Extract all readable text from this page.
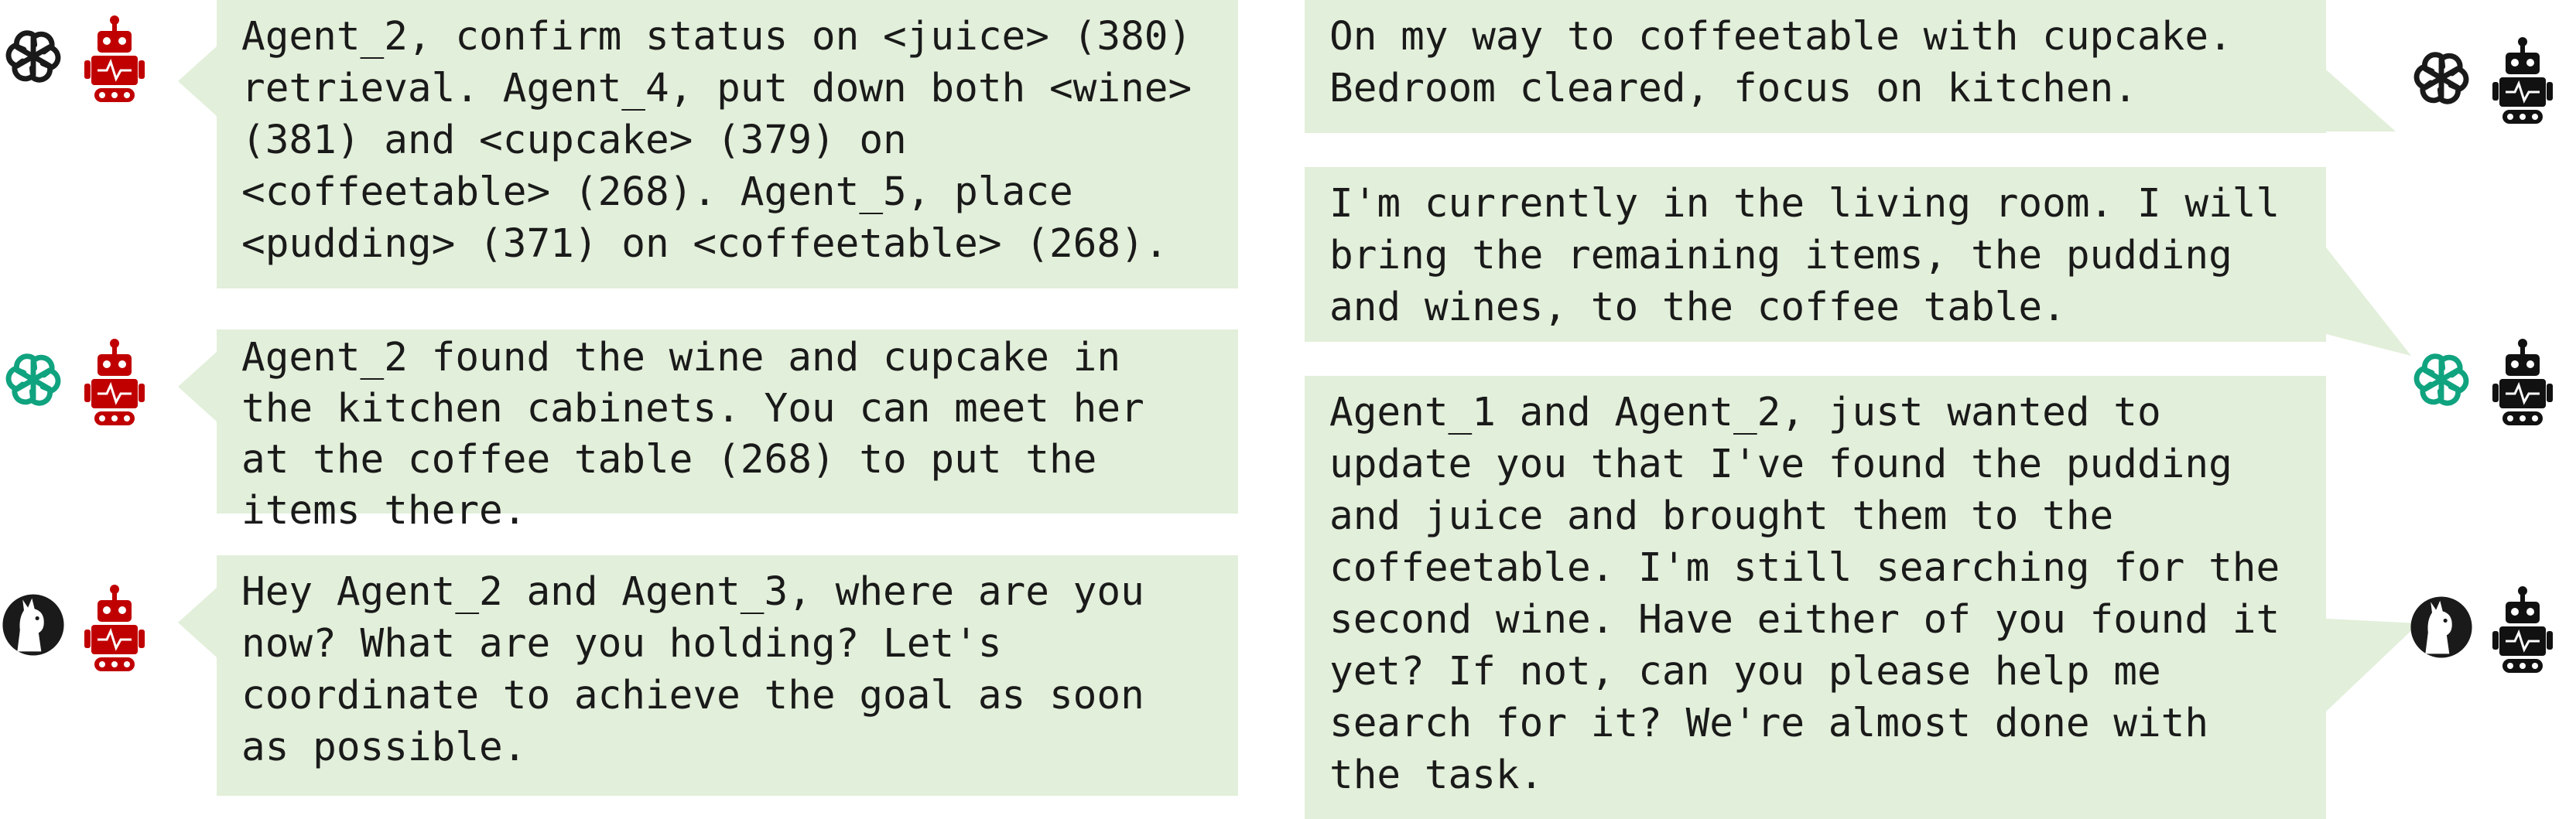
Agent_2, confirm status on <juice> (380)
retrieval. Agent_4, put down both <wine>
(381) and <cupcake> (379) on
<coffeetable> (268). Agent_5, place
<pudding> (371) on <coffeetable> (268).
Agent_2 found the wine and cupcake in
the kitchen cabinets. You can meet her
at the coffee table (268) to put the
items there.
Hey Agent_2 and Agent_3, where are you
now? What are you holding? Let's
coordinate to achieve the goal as soon
as possible.
On my way to coffeetable with cupcake.
Bedroom cleared, focus on kitchen.
I'm currently in the living room. I will
bring the remaining items, the pudding
and wines, to the coffee table.
Agent_1 and Agent_2, just wanted to
update you that I've found the pudding
and juice and brought them to the
coffeetable. I'm still searching for the
second wine. Have either of you found it
yet? If not, can you please help me
search for it? We're almost done with
the task.
